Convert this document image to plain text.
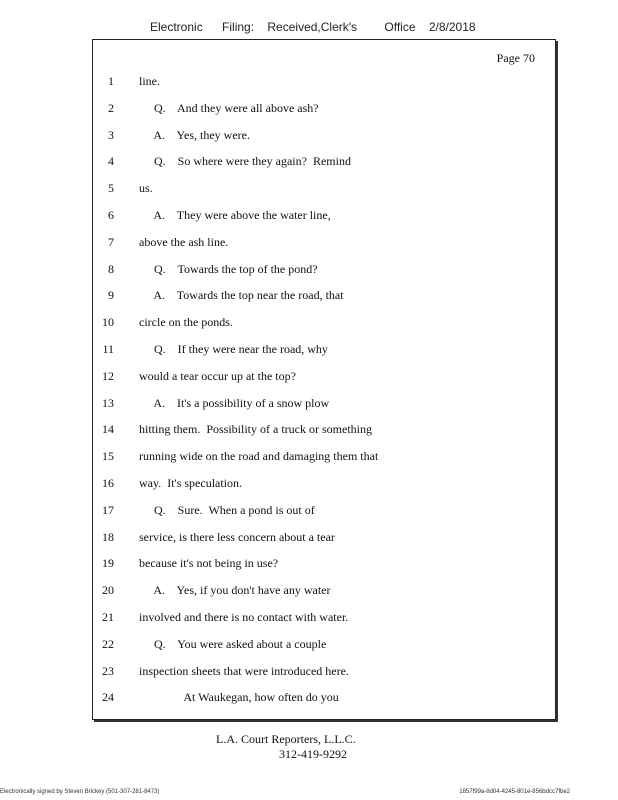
Electronic Filing: Received,Clerk's Office 2/8/2018
Page 70
1 line.
2 Q.    And they were all above ash?
3 A.    Yes, they were.
4 Q.    So where were they again?  Remind
5 us.
6 A.    They were above the water line,
7 above the ash line.
8 Q.    Towards the top of the pond?
9 A.    Towards the top near the road, that
10 circle on the ponds.
11 Q.    If they were near the road, why
12 would a tear occur up at the top?
13 A.    It's a possibility of a snow plow
14 hitting them.  Possibility of a truck or something
15 running wide on the road and damaging them that
16 way.  It's speculation.
17 Q.    Sure.  When a pond is out of
18 service, is there less concern about a tear
19 because it's not being in use?
20 A.    Yes, if you don't have any water
21 involved and there is no contact with water.
22 Q.    You were asked about a couple
23 inspection sheets that were introduced here.
24 At Waukegan, how often do you
L.A. Court Reporters, L.L.C.
312-419-9292
Electronically signed by Steven Brickey (501-307-281-8473)	1857f99a-8d04-4245-801e-856bdcc7fbe2
